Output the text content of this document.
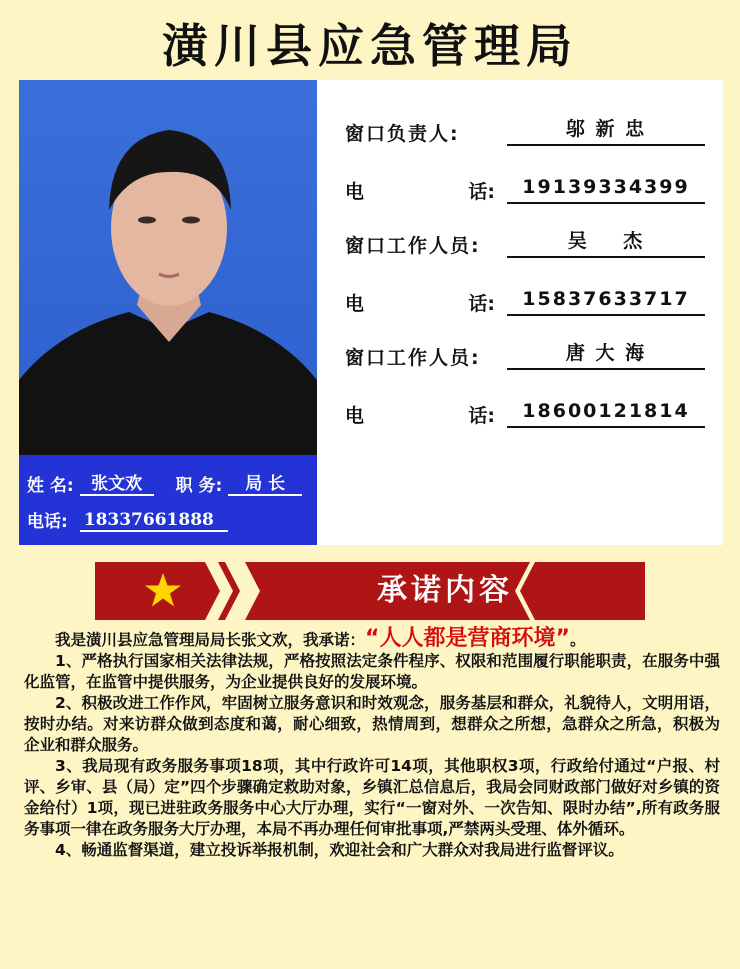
潢川县应急管理局
姓 名: 张文欢 职 务: 局 长
电话: 18337661888
窗口负责人:	邬 新 忠
电	话:	19139334399
窗口工作人员:	吴    杰
电	话:	15837633717
窗口工作人员:	唐 大 海
电	话:	18600121814
承诺内容

我是潢川县应急管理局局长张文欢，我承诺：“人人都是营商环境”。

1、严格执行国家相关法律法规，严格按照法定条件程序、权限和范围履行职能职责，在服务中强化监管，在监管中提供服务，为企业提供良好的发展环境。

2、积极改进工作作风，牢固树立服务意识和时效观念，服务基层和群众，礼貌待人，文明用语，按时办结。对来访群众做到态度和蔼，耐心细致，热情周到，想群众之所想，急群众之所急，积极为企业和群众服务。

3、我局现有政务服务事项18项，其中行政许可14项，其他职权3项，行政给付通过“户报、村评、乡审、县（局）定”四个步骤确定救助对象，乡镇汇总信息后，我局会同财政部门做好对乡镇的资金给付）1项，现已进驻政务服务中心大厅办理，实行“一窗对外、一次告知、限时办结”,所有政务服务事项一律在政务服务大厅办理，本局不再办理任何审批事项,严禁两头受理、体外循环。

4、畅通监督渠道，建立投诉举报机制，欢迎社会和广大群众对我局进行监督评议。
